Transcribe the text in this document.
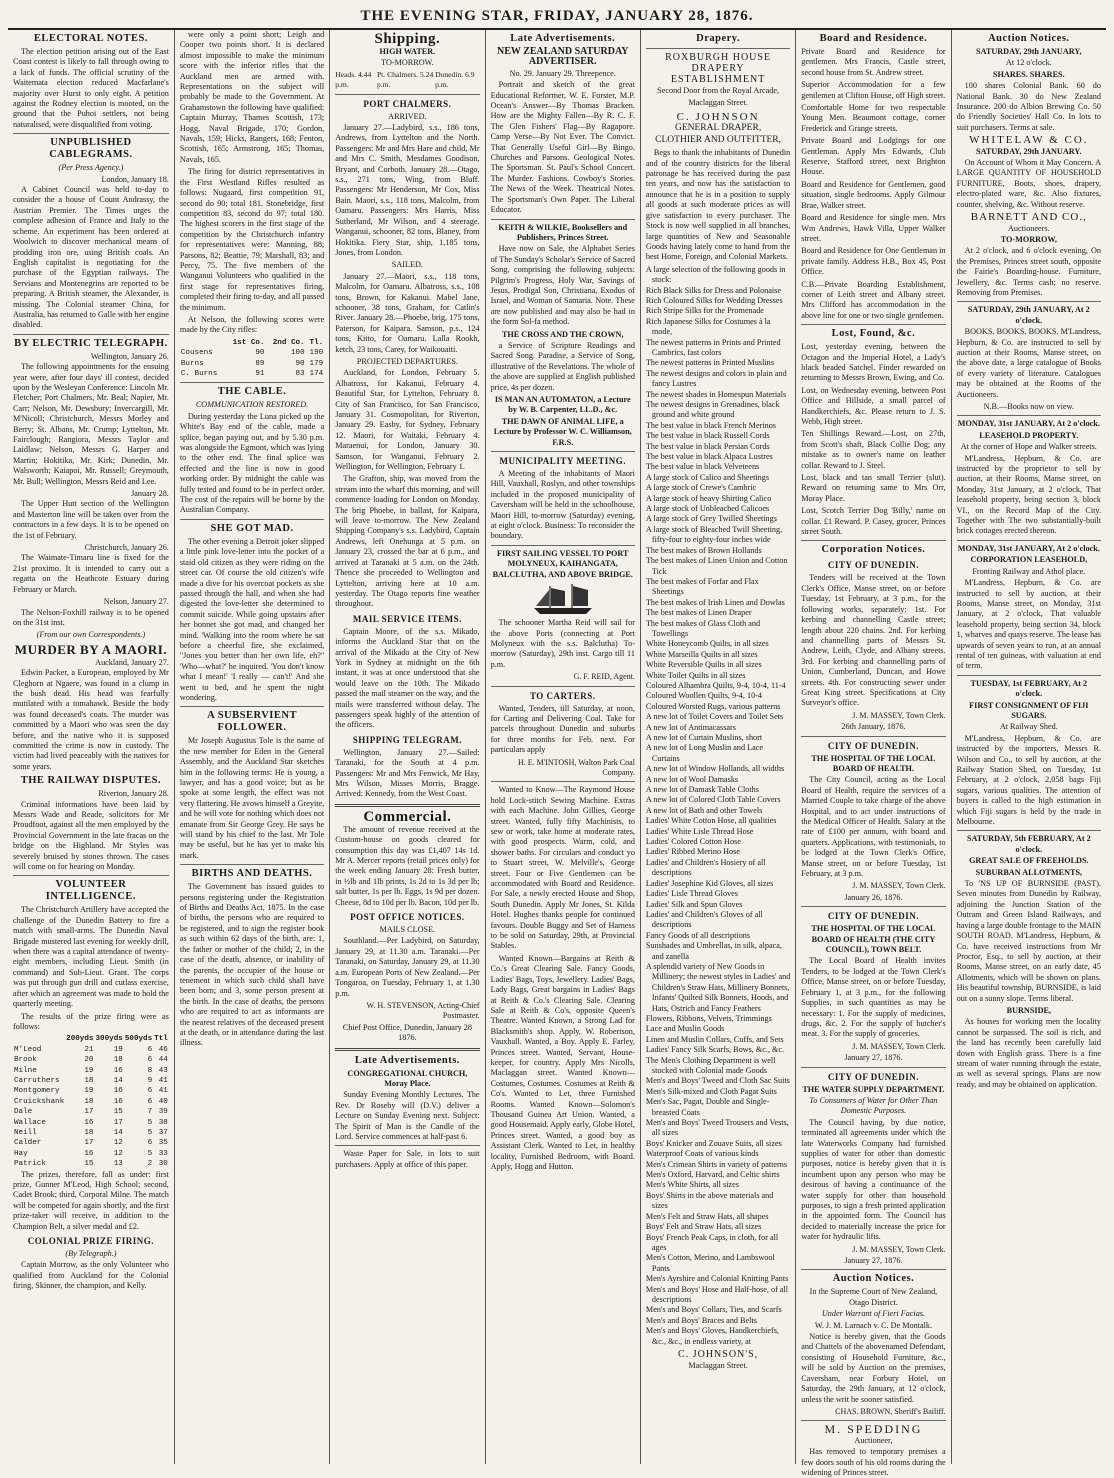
THE EVENING STAR, FRIDAY, JANUARY 28, 1876.
ELECTORAL NOTES.

The election petition arising out of the East Coast contest is likely to fall through owing to a lack of funds. The official scrutiny of the Waitemata election reduced Macfarlane's majority over Hurst to only eight. A petition against the Rodney election is mooted, on the ground that the Puhoi settlers, not being naturalised, were disqualified from voting.

UNPUBLISHED CABLEGRAMS.
(Per Press Agency.)

London, January 18.

A Cabinet Council was held to-day to consider the a house of Count Andrassy, the Austrian Premier. The Times urges the complete adhesion of France and Italy to the scheme. An experiment has been ordered at Woolwich to discover mechanical means of prodding iron ore, using British coals. An English capitalist is negotiating for the purchase of the Egyptian railways. The Servians and Montenegrins are reported to be preparing. A British steamer, the Alexander, is missing. The Colonial steamer China, for Australia, has returned to Galle with her engine disabled.

BY ELECTRIC TELEGRAPH.

Wellington, January 26.

The following appointments for the ensuing year were, after four days' ill contest, decided upon by the Wesleyan Conference: Lincoln Mr. Fletcher; Port Chalmers, Mr. Beal; Napier, Mr. Carr; Nelson, Mr. Dewsbury; Invercargill, Mr. M'Nicoll; Christchurch, Messrs Morley and Berry; St. Albans, Mr. Crump; Lyttelton, Mr. Fairclough; Rangiora, Messrs Taylor and Laidlaw; Nelson, Messrs G. Harper and Martin; Hokitika, Mr. Kirk; Dunedin, Mr. Walsworth; Kaiapoi, Mr. Russell; Greymouth, Mr. Bull; Wellington, Messrs Reid and Lee.

January 28.

The Upper Hutt section of the Wellington and Masterton line will be taken over from the contractors in a few days. It is to be opened on the 1st of February.

Christchurch, January 26.

The Waimate-Timaru line is fixed for the 21st proximo. It is intended to carry out a regatta on the Heathcote Estuary during February or March.

Nelson, January 27.

The Nelson-Foxhill railway is to be opened on the 31st inst.

(From our own Correspondents.)
MURDER BY A MAORI.

Auckland, January 27.

Edwin Packer, a European, employed by Mr Cleghorn at Ngaere, was found in a clump in the bush dead. His head was fearfully mutilated with a tomahawk. Beside the body was found deceased's coats. The murder was committed by a Maori who was seen the day before, and the native who it is supposed committed the crime is now in custody. The victim had lived peaceably with the natives for some years.

THE RAILWAY DISPUTES.

Riverton, January 28.

Criminal informations have been laid by Messrs Wade and Reade, solicitors for Mr Proudfoot, against all the men employed by the Provincial Government in the late fracas on the bridge on the Highland. Mr Styles was severely bruised by stones thrown. The cases will come on for hearing on Monday.

VOLUNTEER INTELLIGENCE.

The Christchurch Artillery have accepted the challenge of the Dunedin Battery to fire a match with small-arms. The Dunedin Naval Brigade mustered last evening for weekly drill, when there was a capital attendance of twenty-eight members, including Lieut. Smith (in command) and Sub-Lieut. Grant. The corps was put through gun drill and cutlass exercise, after which an agreement was made to hold the quarterly meeting.

The results of the prize firing were as follows:

	200yds	300yds	500yds	Ttl
M'Leod	21	19	6	46
Brook	20	18	6	44
Milne	19	16	8	43
Carruthers	18	14	9	41
Montgomery	19	16	6	41
Cruickshank	18	16	6	40
Dale	17	15	7	39
Wallace	16	17	5	38
Neill	18	14	5	37
Calder	17	12	6	35
Hay	16	12	5	33
Patrick	15	13	2	30

The prizes, therefore, fall as under: first prize, Gunner M'Leod, High School; second, Cadet Brook; third, Corporal Milne. The match will be competed for again shortly, and the first prize-taker will receive, in addition to the Champion Belt, a silver medal and £2.

COLONIAL PRIZE FIRING.
(By Telegraph.)

Captain Morrow, as the only Volunteer who qualified from Auckland for the Colonial firing, Skinner, the champion, and Kelly.

were only a point short; Leigh and Cooper two points short. It is declared almost impossible to make the minimum score with the inferior rifles that the Auckland men are armed with. Representations on the subject will probably be made to the Government. At Grahamstown the following have qualified: Captain Murray, Thames Scottish, 173; Hogg, Naval Brigade, 170; Gordon, Navals, 159; Hicks, Rangers, 168; Fenton, Scottish, 165; Armstrong, 165; Thomas, Navals, 165.

The firing for district representatives in the First Westland Rifles resulted as follows: Nugaard, first competition 91, second do 90; total 181. Stonebridge, first competition 83, second do 97; total 180. The highest scorers in the first stage of the competition by the Christchurch infantry for representatives were: Manning, 88; Parsons, 82; Beattie, 79; Marshall, 83; and Percy, 75. The five members of the Wanganui Volunteers who qualified in the first stage for representatives firing, completed their firing to-day, and all passed the minimum.

At Nelson, the following scores were made by the City rifles:

	1st Co.	2nd Co.	Tl.
Cousens	90	100	190
Burns	89	90	179
C. Burns	91	83	174
THE CABLE.
COMMUNICATION RESTORED.

During yesterday the Luna picked up the White's Bay end of the cable, made a splice, began paying out, and by 5.30 p.m. was alongside the Egmont, which was lying to the other end. The final splice was effected and the line is now in good working order. By midnight the cable was fully tested and found to be in perfect order. The cost of the repairs will be borne by the Australian Company.

SHE GOT MAD.

The other evening a Detroit joker slipped a little pink love-letter into the pocket of a staid old citizen as they were riding on the street car. Of course the old citizen's wife made a dive for his overcoat pockets as she passed through the hall, and when she had digested the love-letter she determined to commit suicide. While going upstairs after her bonnet she got mad, and changed her mind. 'Walking into the room where he sat before a cheerful fire, she exclaimed, "Jones you better than her own life, eh?" 'Who—what?' he inquired. 'You don't know what I mean!' 'I really — can't!' And she went to bed, and he spent the night wondering.

A SUBSERVIENT FOLLOWER.

Mr Joseph Augustus Tole is the name of the new member for Eden in the General Assembly, and the Auckland Star sketches him in the following terms: He is young, a lawyer, and has a good voice; but as he spoke at some length, the effect was not very flattering. He avows himself a Greyite, and he will vote for nothing which does not emanate from Sir George Grey. He says he will stand by his chief to the last. Mr Tole may be useful, but he has yet to make his mark.

BIRTHS AND DEATHS.

The Government has issued guides to persons registering under the Registration of Births and Deaths Act, 1875. In the case of births, the persons who are required to be registered, and to sign the register book as such within 62 days of the birth, are: 1, the father or mother of the child; 2, in the case of the death, absence, or inability of the parents, the occupier of the house or tenement in which such child shall have been born; and 3, some person present at the birth. In the case of deaths, the persons who are required to act as informants are the nearest relatives of the deceased present at the death, or in attendance during the last illness.

Shipping.
HIGH WATER.
TO-MORROW.
Heads. 4.44 p.m.
Pt. Chalmers. 5.24 p.m.
Dunedin. 6.9 p.m.
PORT CHALMERS.
ARRIVED.

January 27.—Ladybird, s.s., 186 tons, Andrews, from Lyttelton and the North. Passengers: Mr and Mrs Hare and child, Mr and Mrs C. Smith, Mesdames Goodison, Bryant, and Corboth. January 28.—Otago, s.s., 271 tons, Wing, from Bluff. Passengers: Mr Henderson, Mr Cox, Miss Bain. Maori, s.s., 118 tons, Malcolm, from Oamaru. Passengers: Mrs Harris, Miss Sutherland, Mr Wilson, and 4 steerage. Wanganui, schooner, 82 tons, Blaney, from Hokitika. Fiery Star, ship, 1,185 tons, Jones, from London.

SAILED.

January 27.—Maori, s.s., 118 tons, Malcolm, for Oamaru. Albatross, s.s., 108 tons, Brown, for Kakanui. Mabel Jane, schooner, 38 tons, Graham, for Catlin's River. January 28.—Phoebe, brig, 175 tons, Paterson, for Kaipara. Samson, p.s., 124 tons, Kitto, for Oamaru. Lalla Rookh, ketch, 23 tons, Carey, for Waikouaiti.

PROJECTED DEPARTURES.

Auckland, for London, February 5. Albatross, for Kakanui, February 4. Beautiful Star, for Lyttelton, February 8. City of San Francisco, for San Francisco, January 31. Cosmopolitan, for Riverton, January 29. Easby, for Sydney, February 12. Maori, for Waitaki, February 4. Maraenui, for London, January 30. Samson, for Wanganui, February 2. Wellington, for Wellington, February 1.

The Grafton, ship, was moved from the stream into the wharf this morning, and will commence loading for London on Monday. The brig Phoebe, in ballast, for Kaipara, will leave to-morrow. The New Zealand Shipping Company's s.s. Ladybird, Captain Andrews, left Onehunga at 5 p.m. on January 23, crossed the bar at 6 p.m., and arrived at Taranaki at 5 a.m. on the 24th. Thence she proceeded to Wellington and Lyttelton, arriving here at 10 a.m. yesterday. The Otago reports fine weather throughout.

MAIL SERVICE ITEMS.

Captain Moore, of the s.s. Mikado, informs the Auckland Star that on the arrival of the Mikado at the City of New York in Sydney at midnight on the 6th instant, it was at once understood that she would leave on the 10th. The Mikado passed the mail steamer on the way, and the mails were transferred without delay. The passengers speak highly of the attention of the officers.

SHIPPING TELEGRAM.

Wellington, January 27.—Sailed: Taranaki, for the South at 4 p.m. Passengers: Mr and Mrs Fenwick, Mr Hay, Mrs Wilson, Misses Morris, Bragge. Arrived: Kennedy, from the West Coast.

Commercial.

The amount of revenue received at the Custom-house on goods cleared for consumption this day was £1,407 14s 1d. Mr A. Mercer reports (retail prices only) for the week ending January 28: Fresh butter, in ½lb and 1lb prints, 1s 2d to 1s 3d per lb; salt butter, 1s per lb. Eggs, 1s 9d per dozen. Cheese, 8d to 10d per lb. Bacon, 10d per lb.

POST OFFICE NOTICES.
MAILS CLOSE.

Southland.—Per Ladybird, on Saturday, January 29, at 11.30 a.m. Taranaki.—Per Taranaki, on Saturday, January 29, at 11.30 a.m. European Ports of New Zealand.—Per Tongaroa, on Tuesday, February 1, at 1.30 p.m.

W. H. STEVENSON, Acting-Chief Postmaster.

Chief Post Office, Dunedin, January 28 1876.

Late Advertisements.
CONGREGATIONAL CHURCH, Moray Place.

Sunday Evening Monthly Lectures. The Rev. Dr Roseby will (D.V.) deliver a Lecture on Sunday Evening next. Subject: The Spirit of Man is the Candle of the Lord. Service commences at half-past 6.

Waste Paper for Sale, in lots to suit purchasers. Apply at office of this paper.

Late Advertisements.
NEW ZEALAND SATURDAY ADVERTISER.
No. 29. January 29. Threepence.

Portrait and sketch of the great Educational Reformer, W. E. Forster, M.P. Ocean's Answer—By Thomas Bracken. How are the Mighty Fallen—By R. C. F. The Glen Fishers' Flag—By Ragapore. Camp Verse—By Not Ever. The Convict. That Generally Useful Girl—By Bingo. Churches and Parsons. Geological Notes. The Sportsman. St. Paul's School Concert. The Murder. Fashions. Cowboy's Stories. The News of the Week. Theatrical Notes. The Sportsman's Own Paper. The Liberal Educator.

KEITH & WILKIE, Booksellers and Publishers, Princes Street.

Have now on Sale, the Alphabet Series of The Sunday's Scholar's Service of Sacred Song, comprising the following subjects: Pilgrim's Progress, Holy War, Savings of Jesus, Prodigal Son, Christiana, Exodus of Israel, and Woman of Samaria. Note. These are now published and may also be had in the form Sol-fa method.

THE CROSS AND THE CROWN,

a Service of Scripture Readings and Sacred Song. Paradise, a Service of Song, illustrative of the Revelations. The whole of the above are supplied at English published price, 4s per dozen.

IS MAN AN AUTOMATON, a Lecture by W. B. Carpenter, LL.D., &c.
THE DAWN OF ANIMAL LIFE, a Lecture by Professor W. C. Williamson, F.R.S.
MUNICIPALITY MEETING.

A Meeting of the inhabitants of Maori Hill, Vauxhall, Roslyn, and other townships included in the proposed municipality of Caversham will be held in the schoolhouse, Maori Hill, to-morrow (Saturday) evening, at eight o'clock. Business: To reconsider the boundary.

FIRST SAILING VESSEL TO PORT MOLYNEUX, KAIHANGATA, BALCLUTHA, AND ABOVE BRIDGE.

The schooner Martha Reid will sail for the above Ports (connecting at Port Molyneux with the s.s. Balclutha) To-morrow (Saturday), 29th inst. Cargo till 11 p.m.

G. F. REID, Agent.

TO CARTERS.

Wanted, Tenders, till Saturday, at noon, for Carting and Delivering Coal. Take for parcels throughout Dunedin and suburbs for three months for Feb. next. For particulars apply

H. E. M'INTOSH, Walton Park Coal Company.

Wanted to Know—The Raymond House hold Lock-stitch Sewing Machine. Extras with each Machine. John Gillies, George street. Wanted, fully fifty Machinists, to sew or work, take home at moderate rates, with good prospects. Warm, cold, and shower baths. For circulars and conduct yo to Stuart street, W. Melville's, George street. Four or Five Gentlemen can be accommodated with Board and Residence. For Sale, a newly erected House and Shop, South Dunedin. Apply Mr Jones, St. Kilda Hotel. Hughes thanks people for continued favours. Double Buggy and Set of Harness to be sold on Saturday, 29th, at Provincial Stables.

Wanted Known—Bargains at Reith & Co.'s Great Clearing Sale. Fancy Goods, Ladies' Bags, Toys, Jewellery. Ladies' Bags, Lady Bags, Great bargains in Ladies' Bags at Reith & Co.'s Clearing Sale. Clearing Sale at Reith & Co's, opposite Queen's Theatre. Wanted Known, a Strong Lad for Blacksmith's shop. Apply, W. Robertson, Vauxhall. Wanted, a Boy. Apply E. Farley, Princes street. Wanted, Servant, House-keeper, for country. Apply Mrs Nicolls, Maclaggan street. Wanted Known—Costumes, Costumes. Costumes at Reith & Co's. Wanted to Let, three Furnished Rooms. Wanted Known—Solomon's Thousand Guinea Art Union. Wanted, a good Housemaid. Apply early, Globe Hotel, Princes street. Wanted, a good boy as Assistant Clerk. Wanted to Let, in healthy locality, Furnished Bedroom, with Board. Apply, Hogg and Hutton.

Drapery.
ROXBURGH HOUSE
DRAPERY ESTABLISHMENT
Second Door from the Royal Arcade,
Maclaggan Street.
C. JOHNSON
GENERAL DRAPER,
CLOTHIER AND OUTFITTER,

Begs to thank the inhabitants of Dunedin and of the country districts for the liberal patronage he has received during the past ten years, and now has the satisfaction to announce that he is in a position to supply all goods at such moderate prices as will give satisfaction to every purchaser. The Stock is now well supplied in all branches, large quantities of New and Seasonable Goods having lately come to hand from the best Home, Foreign, and Colonial Markets.

A large selection of the following goods in stock:

Rich Black Silks for Dress and Polonaise

Rich Coloured Silks for Wedding Dresses

Rich Stripe Silks for the Promenade

Rich Japanese Silks for Costumes à la mode,

The newest patterns in Prints and Printed Cambrics, fast colors

The newest patterns in Printed Muslins

The newest designs and colors in plain and fancy Lustres

The newest shades in Homespun Materials

The newest designs in Grenadines, black ground and white ground

The best value in black French Merinos

The best value in black Russell Cords

The best value in black Persian Cords

The best value in black Alpaca Lustres

The best value in black Velveteens

A large stock of Calico and Sheetings

A large stock of Crewe's Cambric

A large stock of heavy Shirting Calico

A large stock of Unbleached Calicoes

A large stock of Grey Twilled Sheetings

A large stock of Bleached Twill Sheeting, fifty-four to eighty-four inches wide

The best makes of Brown Hollands

The best makes of Linen Union and Cotton Tick

The best makes of Forfar and Flax Sheetings

The best makes of Irish Linen and Dowlas

The best makes of Linen Draper

The best makes of Glass Cloth and Towellings

White Honeycomb Quilts, in all sizes

White Marseilla Quilts in all sizes

White Reversible Quilts in all sizes

White Toilet Quilts in all sizes

Coloured Alhambra Quilts, 9-4, 10-4, 11-4

Coloured Woollen Quilts, 9-4, 10-4

Coloured Worsted Rugs, various patterns

A new lot of Toilet Covers and Toilet Sets

A new lot of Antimacassars

A new lot of Curtain Muslins, short

A new lot of Long Muslin and Lace Curtains

A new lot of Window Hollands, all widths

A new lot of Wool Damasks

A new lot of Damask Table Cloths

A new lot of Colored Cloth Table Covers

A new lot of Bath and other Towels

Ladies' White Cotton Hose, all qualities

Ladies' White Lisle Thread Hose

Ladies' Colored Cotton Hose

Ladies' Ribbed Merino Hose

Ladies' and Children's Hosiery of all descriptions

Ladies' Josephine Kid Gloves, all sizes

Ladies' Lisle Thread Gloves

Ladies' Silk and Spun Gloves

Ladies' and Children's Gloves of all descriptions

Fancy Goods of all descriptions

Sunshades and Umbrellas, in silk, alpaca, and zanella

A splendid variety of New Goods in Millinery; the newest styles in Ladies' and Children's Straw Hats, Millinery Bonnets, Infants' Quilted Silk Bonnets, Hoods, and Hats, Ostrich and Fancy Feathers

Flowers, Ribbons, Velvets, Trimmings

Lace and Muslin Goods

Linen and Muslin Collars, Cuffs, and Sets

Ladies' Fancy Silk Scarfs, Bows, &c., &c.

The Men's Clothing Department is well stocked with Colonial made Goods

Men's and Boys' Tweed and Cloth Sac Suits

Men's Silk-mixed and Cloth Pagat Suits

Men's Sac, Pagat, Double and Single-breasted Coats

Men's and Boys' Tweed Trousers and Vests, all sizes

Boys' Knicker and Zouave Suits, all sizes

Waterproof Coats of various kinds

Men's Crimean Shirts in variety of patterns

Men's Oxford, Harvard, and Celtic shirts

Men's White Shirts, all sizes

Boys' Shirts in the above materials and sizes

Men's Felt and Straw Hats, all shapes

Boys' Felt and Straw Hats, all sizes

Boys' French Peak Caps, in cloth, for all ages

Men's Cotton, Merino, and Lambswool Pants

Men's Ayrshire and Colonial Knitting Pants

Men's and Boys' Hose and Half-hose, of all descriptions

Men's and Boys' Collars, Ties, and Scarfs

Men's and Boys' Braces and Belts

Men's and Boys' Gloves, Handkerchiefs, &c., &c., in endless variety, at

C. JOHNSON'S,
Maclaggan Street.
Board and Residence.

Private Board and Residence for gentlemen. Mrs Francis, Castle street, second house from St. Andrew street.

Superior Accommodation for a few gentlemen at Clifton House, off High street.

Comfortable Home for two respectable Young Men. Beaumont cottage, corner Frederick and Grange streets.

Private Board and Lodgings for one Gentleman. Apply Mrs Edwards, Club Reserve, Stafford street, next Brighton House.

Board and Residence for Gentlemen, good situation, single bedrooms. Apply Gilmour Brae, Walker street.

Board and Residence for single men. Mrs Wm Andrews, Hawk Villa, Upper Walker street.

Board and Residence for One Gentleman in private family. Address H.B., Box 45, Post Office.

C.B.—Private Boarding Establishment, corner of Leith street and Albany street. Mrs Clifford has accommodation in the above line for one or two single gentlemen.

Lost, Found, &c.

Lost, yesterday evening, between the Octagon and the Imperial Hotel, a Lady's black beaded Satchel. Finder rewarded on returning to Messrs Brown, Ewing, and Co.

Lost, on Wednesday evening, between Post Office and Hillside, a small parcel of Handkerchiefs, &c. Please return to J. S. Webb, High street.

Ten Shillings Reward.—Lost, on 27th, from Scott's shaft, Black Collie Dog; any mistake as to owner's name on leather collar. Reward to J. Steel.

Lost, black and tan small Terrier (slut). Reward on returning same to Mrs Orr, Moray Place.

Lost, Scotch Terrier Dog 'Billy,' name on collar. £1 Reward. P. Casey, grocer, Princes street South.

Corporation Notices.
CITY OF DUNEDIN.

Tenders will be received at the Town Clerk's Office, Manse street, on or before Tuesday, 1st February, at 3 p.m., for the following works, separately: 1st. For kerbing and channelling Castle street; length about 220 chains. 2nd. For kerbing and channelling parts of Messrs St. Andrew, Leith, Clyde, and Albany streets. 3rd. For kerbing and channelling parts of Union, Cumberland, Duncan, and Howe streets. 4th. For constructing sewer under Great King street. Specifications at City Surveyor's office.

J. M. MASSEY, Town Clerk.

26th January, 1876.

CITY OF DUNEDIN.
THE HOSPITAL OF THE LOCAL BOARD OF HEALTH.

The City Council, acting as the Local Board of Health, require the services of a Married Couple to take charge of the above Hospital, and to act under instructions of the Medical Officer of Health. Salary at the rate of £100 per annum, with board and quarters. Applications, with testimonials, to be lodged at the Town Clerk's Office, Manse street, on or before Tuesday, 1st February, at 3 p.m.

J. M. MASSEY, Town Clerk.

January 26, 1876.

CITY OF DUNEDIN.
THE HOSPITAL OF THE LOCAL BOARD OF HEALTH (THE CITY COUNCIL), TOWN BELT.

The Local Board of Health invites Tenders, to be lodged at the Town Clerk's Office, Manse street, on or before Tuesday, February 1, at 3 p.m., for the following Supplies, in such quantities as may be necessary: 1. For the supply of medicines, drugs, &c. 2. For the supply of butcher's meat. 3. For the supply of groceries.

J. M. MASSEY, Town Clerk.

January 27, 1876.

CITY OF DUNEDIN.
THE WATER SUPPLY DEPARTMENT.
To Consumers of Water for Other Than Domestic Purposes.

The Council having, by due notice, terminated all agreements under which the late Waterworks Company had furnished supplies of water for other than domestic purposes, notice is hereby given that it is incumbent upon any person who may be desirous of having a continuance of the water supply for other than household purposes, to sign a fresh printed application in the appointed form. The Council has decided to materially increase the price for water for hydraulic lifts.

J. M. MASSEY, Town Clerk.

January 27, 1876.

Auction Notices.
In the Supreme Court of New Zealand, Otago District.
Under Warrant of Fieri Facias.
W. J. M. Larnach v. C. De Montalk.

Notice is hereby given, that the Goods and Chattels of the abovenamed Defendant, consisting of Household Furniture, &c., will be sold by Auction on the premises, Caversham, near Forbury Hotel, on Saturday, the 29th January, at 12 o'clock, unless the writ be sooner satisfied.

CHAS. BROWN, Sheriff's Bailiff.

M. SPEDDING
Auctioneer,

Has removed to temporary premises a few doors south of his old rooms during the widening of Princes street.

Auction Notices.
SATURDAY, 29th JANUARY,
At 12 o'clock.
SHARES. SHARES.

100 shares Colonial Bank. 60 do National Bank. 30 do New Zealand Insurance. 200 do Albion Brewing Co. 50 do Friendly Societies' Hall Co. In lots to suit purchasers. Terms at sale.

WHITELAW & CO.
SATURDAY, 29th JANUARY.

On Account of Whom it May Concern. A LARGE QUANTITY OF HOUSEHOLD FURNITURE, Boots, shoes, drapery, electro-plated ware, &c. Also fixtures, counter, shelving, &c. Without reserve.

BARNETT AND CO.,
Auctioneers.
TO-MORROW,

At 2 o'clock, and 6 o'clock evening, On the Premises, Princes street south, opposite the Fairie's Boarding-house. Furniture, Jewellery, &c. Terms cash; no reserve. Removing from Premises.

SATURDAY, 29th JANUARY, At 2 o'clock.

BOOKS. BOOKS. BOOKS. M'Landress, Hepburn, & Co. are instructed to sell by auction at their Rooms, Manse street, on the above date, a large catalogue of Books of every variety of literature. Catalogues may be obtained at the Rooms of the Auctioneers.

N.B.—Books now on view.

MONDAY, 31st JANUARY, At 2 o'clock.
LEASEHOLD PROPERTY.
At the corner of Hope and Walker streets.

M'Landress, Hepburn, & Co. are instructed by the proprietor to sell by auction, at their Rooms, Manse street, on Monday, 31st January, at 2 o'clock, That leasehold property, being section 3, block VI., on the Record Map of the City. Together with The two substantially-built brick cottages erected thereon.

MONDAY, 31st JANUARY, At 2 o'clock.
CORPORATION LEASEHOLD,
Fronting Railway and Athol place.

M'Landress, Hepburn, & Co. are instructed to sell by auction, at their Rooms, Manse street, on Monday, 31st January, at 2 o'clock, That valuable leasehold property, being section 34, block 1, wharves and quays reserve. The lease has upwards of seven years to run, at an annual rental of ten guineas, with valuation at end of term.

TUESDAY, 1st FEBRUARY, At 2 o'clock.
FIRST CONSIGNMENT OF FIJI SUGARS.
At Railway Shed.

M'Landress, Hepburn, & Co. are instructed by the importers, Messrs R. Wilson and Co., to sell by auction, at the Railway Station Shed, on Tuesday, 1st February, at 2 o'clock, 2,058 bags Fiji sugars, various qualities. The attention of buyers is called to the high estimation in which Fiji sugars is held by the trade in Melbourne.

SATURDAY, 5th FEBRUARY, At 2 o'clock.
GREAT SALE OF FREEHOLDS.
SUBURBAN ALLOTMENTS,

To 'NS UP OF BURNSIDE (PAST). Seven minutes from Dunedin by Railway, adjoining the Junction Station of the Outram and Green Island Railways, and having a large double frontage to the MAIN SOUTH ROAD. M'Landress, Hepburn, & Co. have received instructions from Mr Proctor, Esq., to sell by auction, at their Rooms, Manse street, on an early date, 45 Allotments, which will be shown on plans. His beautiful township, BURNSIDE, is laid out on a sunny slope. Terms liberal.

BURNSIDE,

As houses for working men the locality cannot be surpassed. The soil is rich, and the land has recently been carefully laid down with English grass. There is a fine stream of water running through the estate, as well as several springs. Plans are now ready, and may be obtained on application.
